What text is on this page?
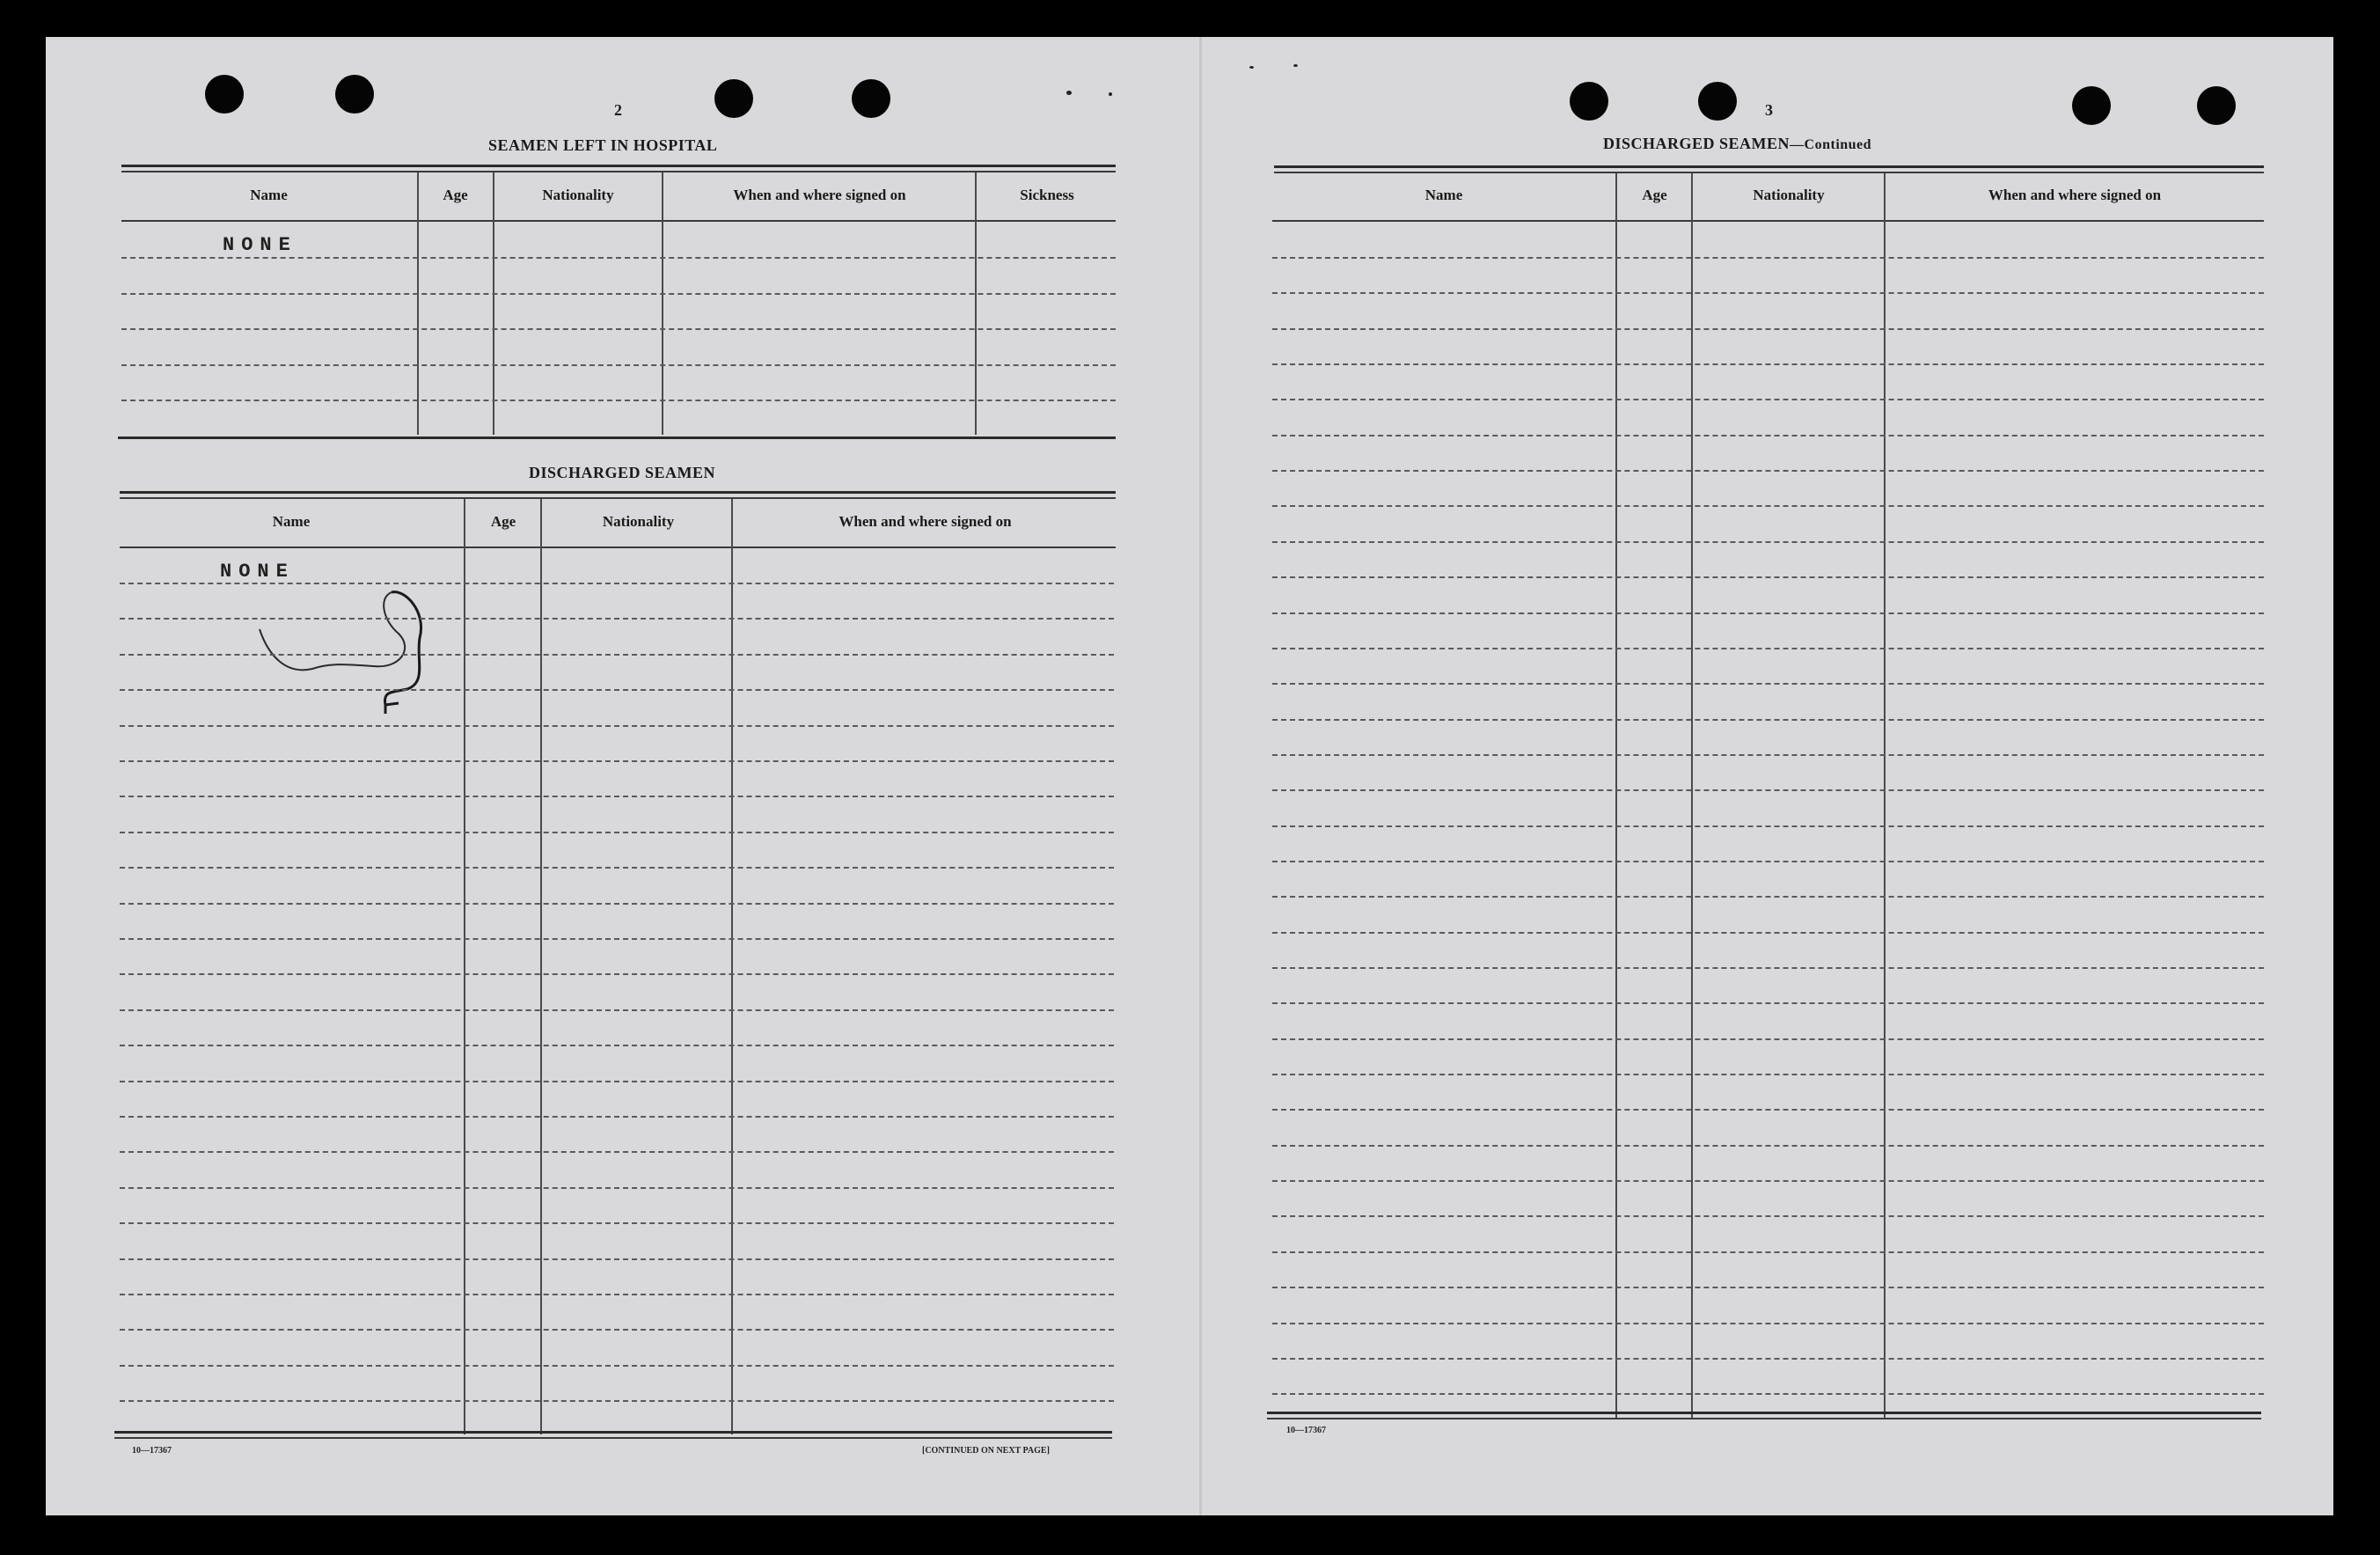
2
SEAMEN LEFT IN HOSPITAL
Name	Age	Nationality	When and where signed on	Sickness
NONE
DISCHARGED SEAMEN
Name	Age	Nationality	When and where signed on
NONE
10—17367	[CONTINUED ON NEXT PAGE]
3
DISCHARGED SEAMEN—Continued
Name	Age	Nationality	When and where signed on
10—17367
